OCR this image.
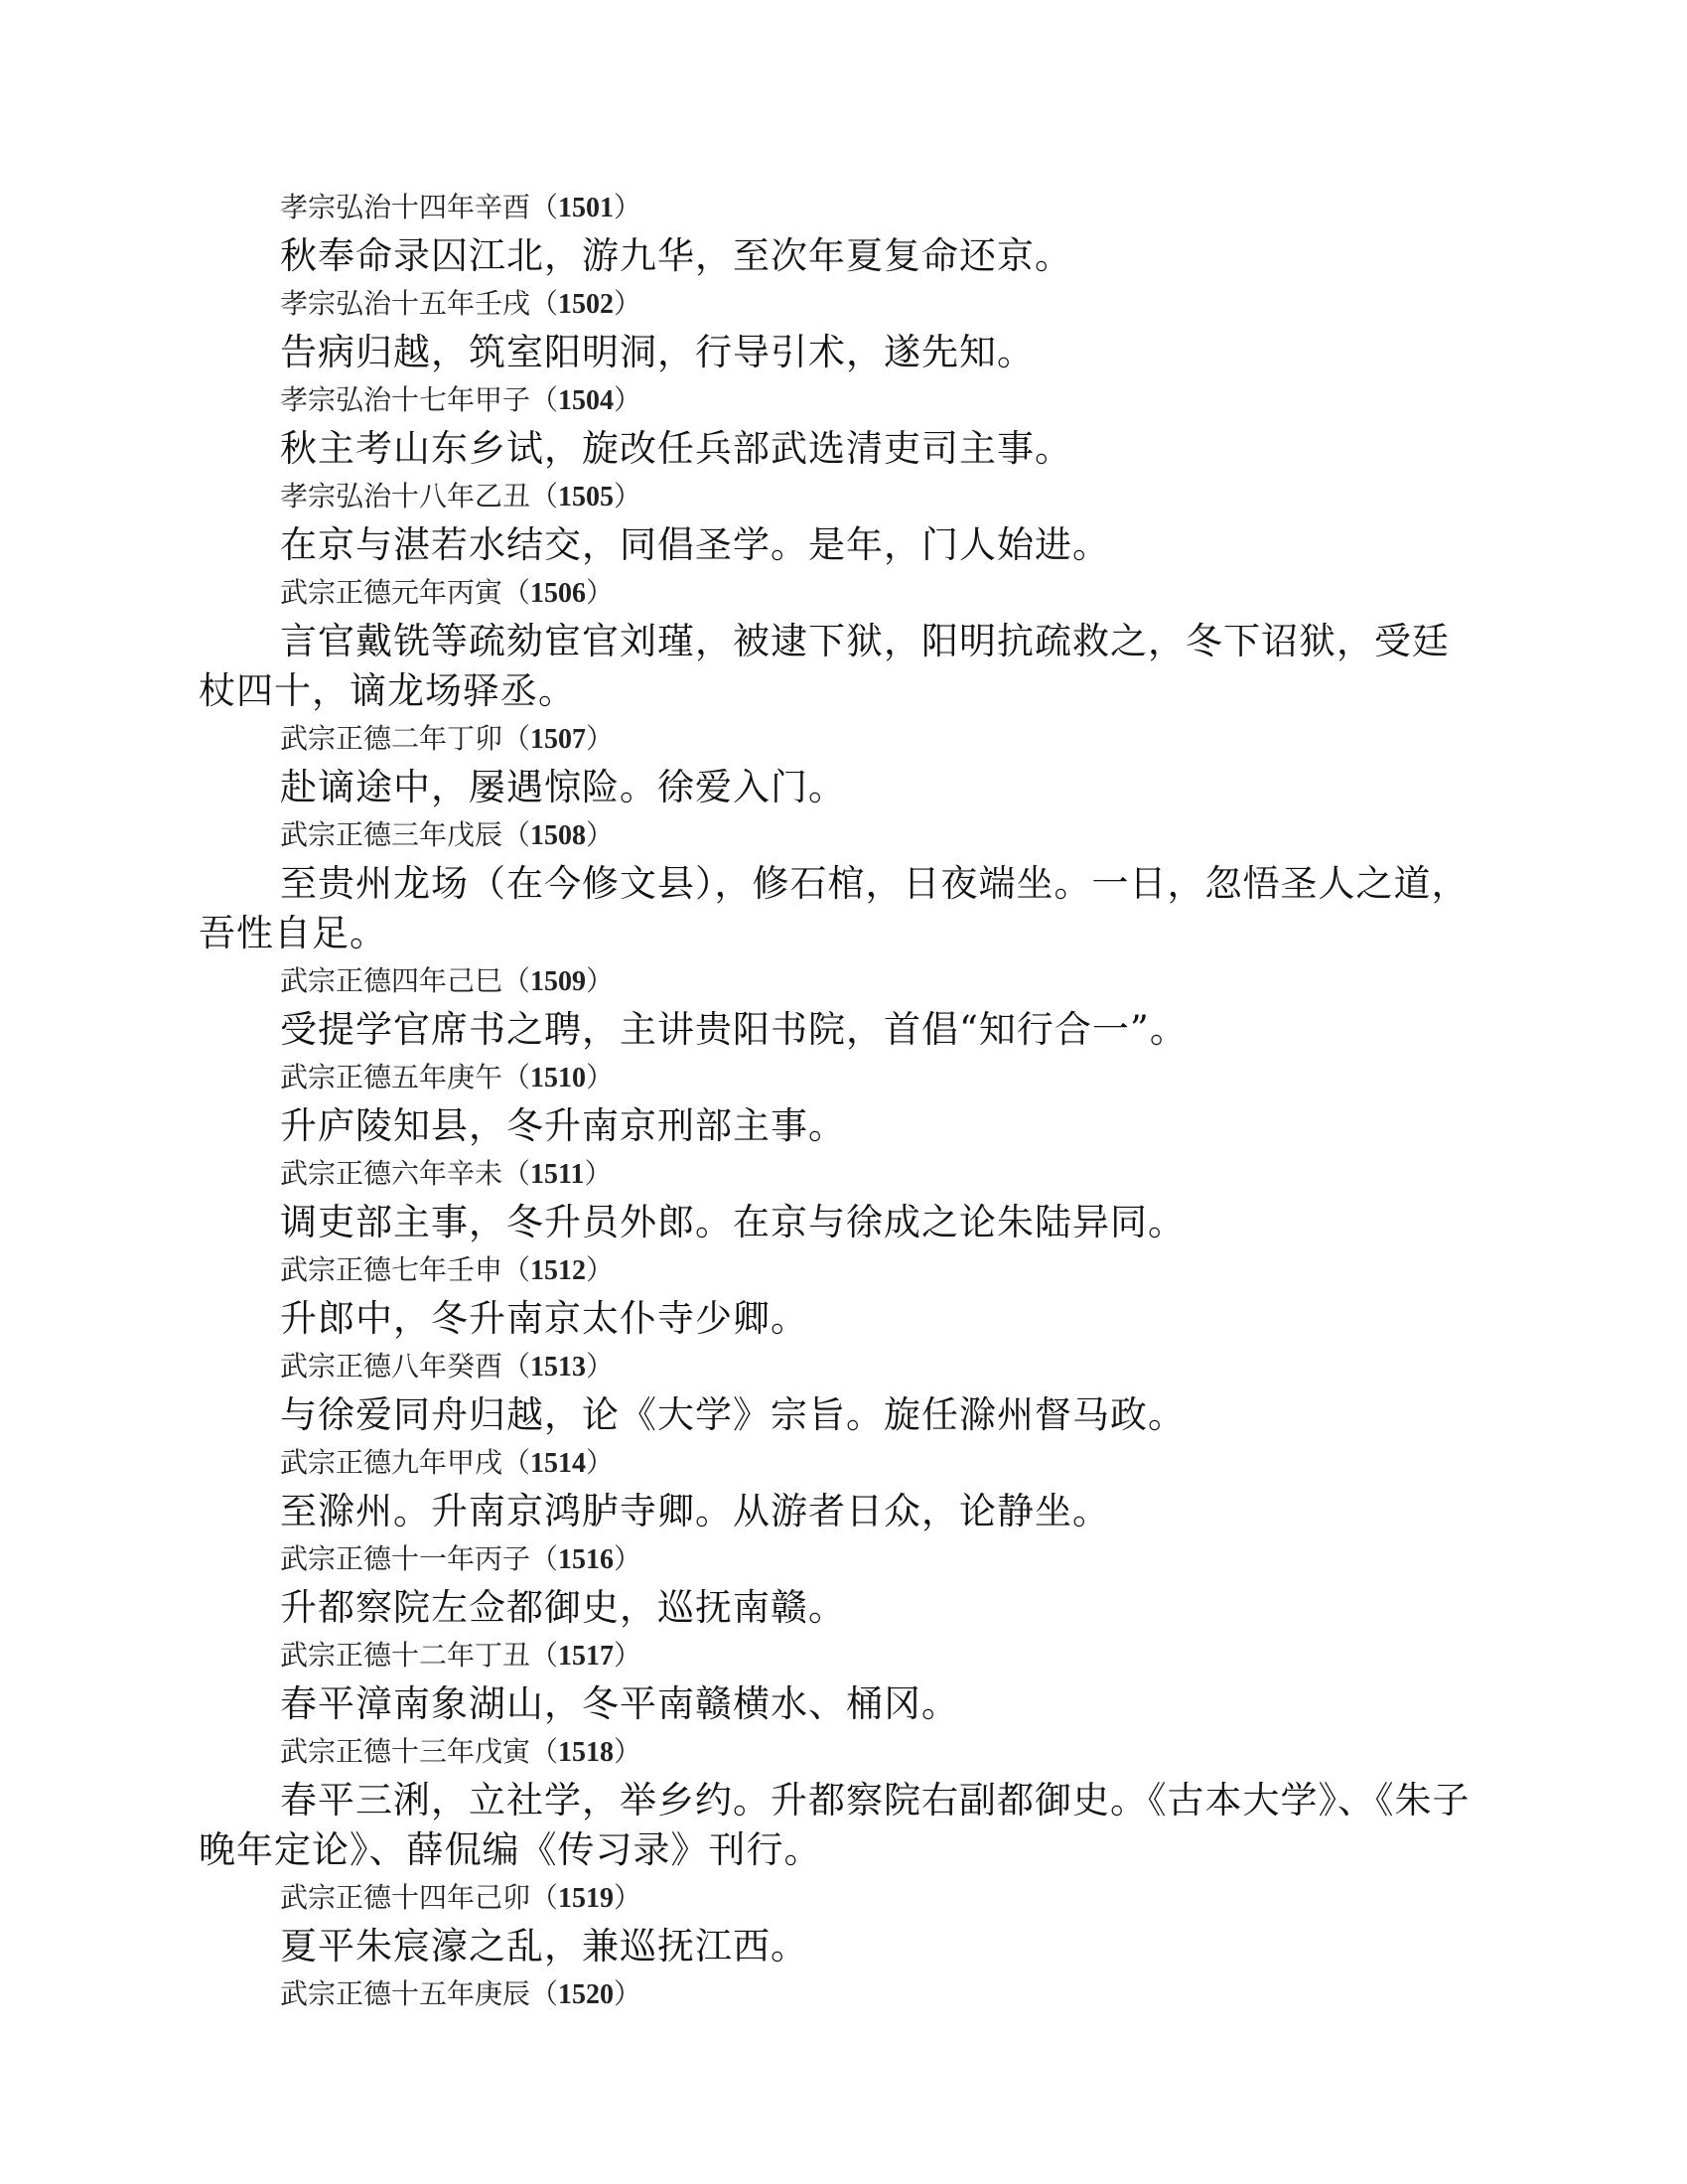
孝宗弘治十四年辛酉（1501）
秋奉命录囚江北，游九华，至次年夏复命还京。
孝宗弘治十五年壬戌（1502）
告病归越，筑室阳明洞，行导引术，遂先知。
孝宗弘治十七年甲子（1504）
秋主考山东乡试，旋改任兵部武选清吏司主事。
孝宗弘治十八年乙丑（1505）
在京与湛若水结交，同倡圣学。是年，门人始进。
武宗正德元年丙寅（1506）
言官戴铣等疏劾宦官刘瑾，被逮下狱，阳明抗疏救之，冬下诏狱，受廷杖四十，谪龙场驿丞。
武宗正德二年丁卯（1507）
赴谪途中，屡遇惊险。徐爱入门。
武宗正德三年戊辰（1508）
至贵州龙场（在今修文县），修石棺，日夜端坐。一日，忽悟圣人之道，吾性自足。
武宗正德四年己巳（1509）
受提学官席书之聘，主讲贵阳书院，首倡“知行合一”。
武宗正德五年庚午（1510）
升庐陵知县，冬升南京刑部主事。
武宗正德六年辛未（1511）
调吏部主事，冬升员外郎。在京与徐成之论朱陆异同。
武宗正德七年壬申（1512）
升郎中，冬升南京太仆寺少卿。
武宗正德八年癸酉（1513）
与徐爱同舟归越，论《大学》宗旨。旋任滁州督马政。
武宗正德九年甲戌（1514）
至滁州。升南京鸿胪寺卿。从游者日众，论静坐。
武宗正德十一年丙子（1516）
升都察院左佥都御史，巡抚南赣。
武宗正德十二年丁丑（1517）
春平漳南象湖山，冬平南赣横水、桶冈。
武宗正德十三年戊寅（1518）
春平三浰，立社学，举乡约。升都察院右副都御史。《古本大学》、《朱子晚年定论》、薛侃编《传习录》刊行。
武宗正德十四年己卯（1519）
夏平朱宸濠之乱，兼巡抚江西。
武宗正德十五年庚辰（1520）
